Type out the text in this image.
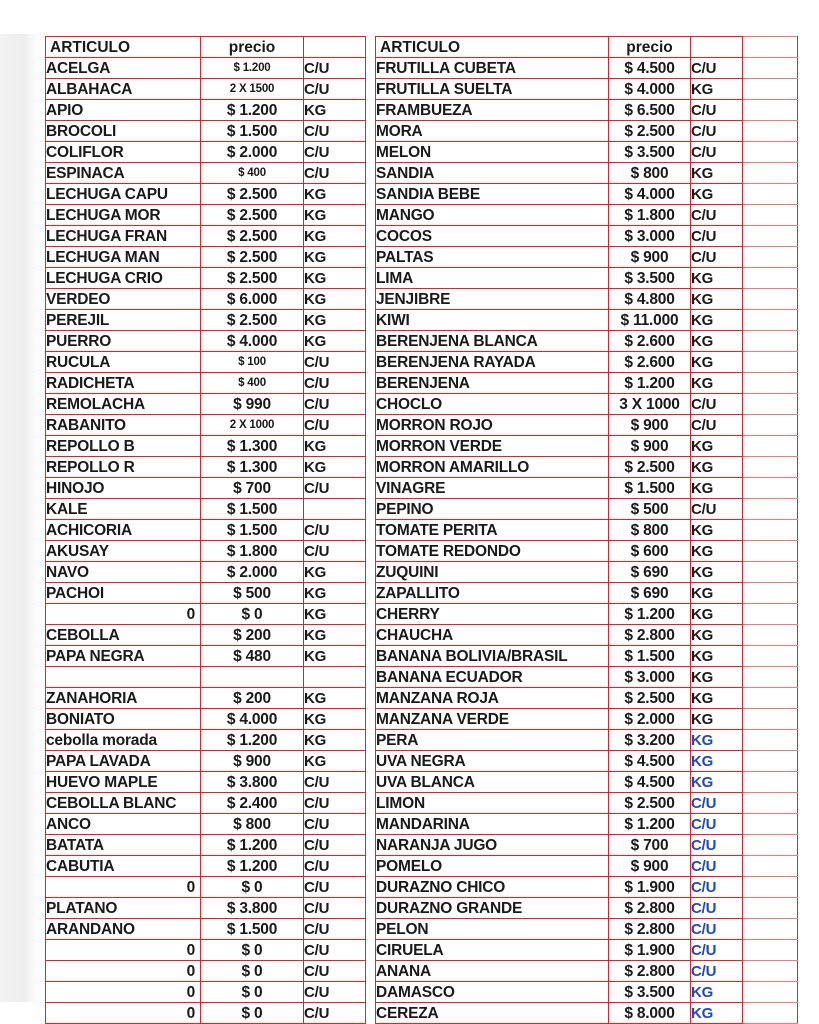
ARTICULO	precio			ARTICULO	precio		
ACELGA	$ 1.200	C/U		FRUTILLA CUBETA	$ 4.500	C/U	
ALBAHACA	2 X 1500	C/U		FRUTILLA SUELTA	$ 4.000	KG	
APIO	$ 1.200	KG		FRAMBUEZA	$ 6.500	C/U	
BROCOLI	$ 1.500	C/U		MORA	$ 2.500	C/U	
COLIFLOR	$ 2.000	C/U		MELON	$ 3.500	C/U	
ESPINACA	$ 400	C/U		SANDIA	$ 800	KG	
LECHUGA CAPU	$ 2.500	KG		SANDIA BEBE	$ 4.000	KG	
LECHUGA MOR	$ 2.500	KG		MANGO	$ 1.800	C/U	
LECHUGA FRAN	$ 2.500	KG		COCOS	$ 3.000	C/U	
LECHUGA MAN	$ 2.500	KG		PALTAS	$ 900	C/U	
LECHUGA CRIO	$ 2.500	KG		LIMA	$ 3.500	KG	
VERDEO	$ 6.000	KG		JENJIBRE	$ 4.800	KG	
PEREJIL	$ 2.500	KG		KIWI	$ 11.000	KG	
PUERRO	$ 4.000	KG		BERENJENA BLANCA	$ 2.600	KG	
RUCULA	$ 100	C/U		BERENJENA RAYADA	$ 2.600	KG	
RADICHETA	$ 400	C/U		BERENJENA	$ 1.200	KG	
REMOLACHA	$ 990	C/U		CHOCLO	3 X 1000	C/U	
RABANITO	2 X 1000	C/U		MORRON ROJO	$ 900	C/U	
REPOLLO B	$ 1.300	KG		MORRON VERDE	$ 900	KG	
REPOLLO R	$ 1.300	KG		MORRON AMARILLO	$ 2.500	KG	
HINOJO	$ 700	C/U		VINAGRE	$ 1.500	KG	
KALE	$ 1.500			PEPINO	$ 500	C/U	
ACHICORIA	$ 1.500	C/U		TOMATE PERITA	$ 800	KG	
AKUSAY	$ 1.800	C/U		TOMATE REDONDO	$ 600	KG	
NAVO	$ 2.000	KG		ZUQUINI	$ 690	KG	
PACHOI	$ 500	KG		ZAPALLITO	$ 690	KG	
0	$ 0	KG		CHERRY	$ 1.200	KG	
CEBOLLA	$ 200	KG		CHAUCHA	$ 2.800	KG	
PAPA NEGRA	$ 480	KG		BANANA BOLIVIA/BRASIL	$ 1.500	KG	
				BANANA ECUADOR	$ 3.000	KG	
ZANAHORIA	$ 200	KG		MANZANA ROJA	$ 2.500	KG	
BONIATO	$ 4.000	KG		MANZANA VERDE	$ 2.000	KG	
cebolla morada	$ 1.200	KG		PERA	$ 3.200	KG	
PAPA LAVADA	$ 900	KG		UVA NEGRA	$ 4.500	KG	
HUEVO MAPLE	$ 3.800	C/U		UVA BLANCA	$ 4.500	KG	
CEBOLLA BLANC	$ 2.400	C/U		LIMON	$ 2.500	C/U	
ANCO	$ 800	C/U		MANDARINA	$ 1.200	C/U	
BATATA	$ 1.200	C/U		NARANJA JUGO	$ 700	C/U	
CABUTIA	$ 1.200	C/U		POMELO	$ 900	C/U	
0	$ 0	C/U		DURAZNO CHICO	$ 1.900	C/U	
PLATANO	$ 3.800	C/U		DURAZNO GRANDE	$ 2.800	C/U	
ARANDANO	$ 1.500	C/U		PELON	$ 2.800	C/U	
0	$ 0	C/U		CIRUELA	$ 1.900	C/U	
0	$ 0	C/U		ANANA	$ 2.800	C/U	
0	$ 0	C/U		DAMASCO	$ 3.500	KG	
0	$ 0	C/U		CEREZA	$ 8.000	KG	
